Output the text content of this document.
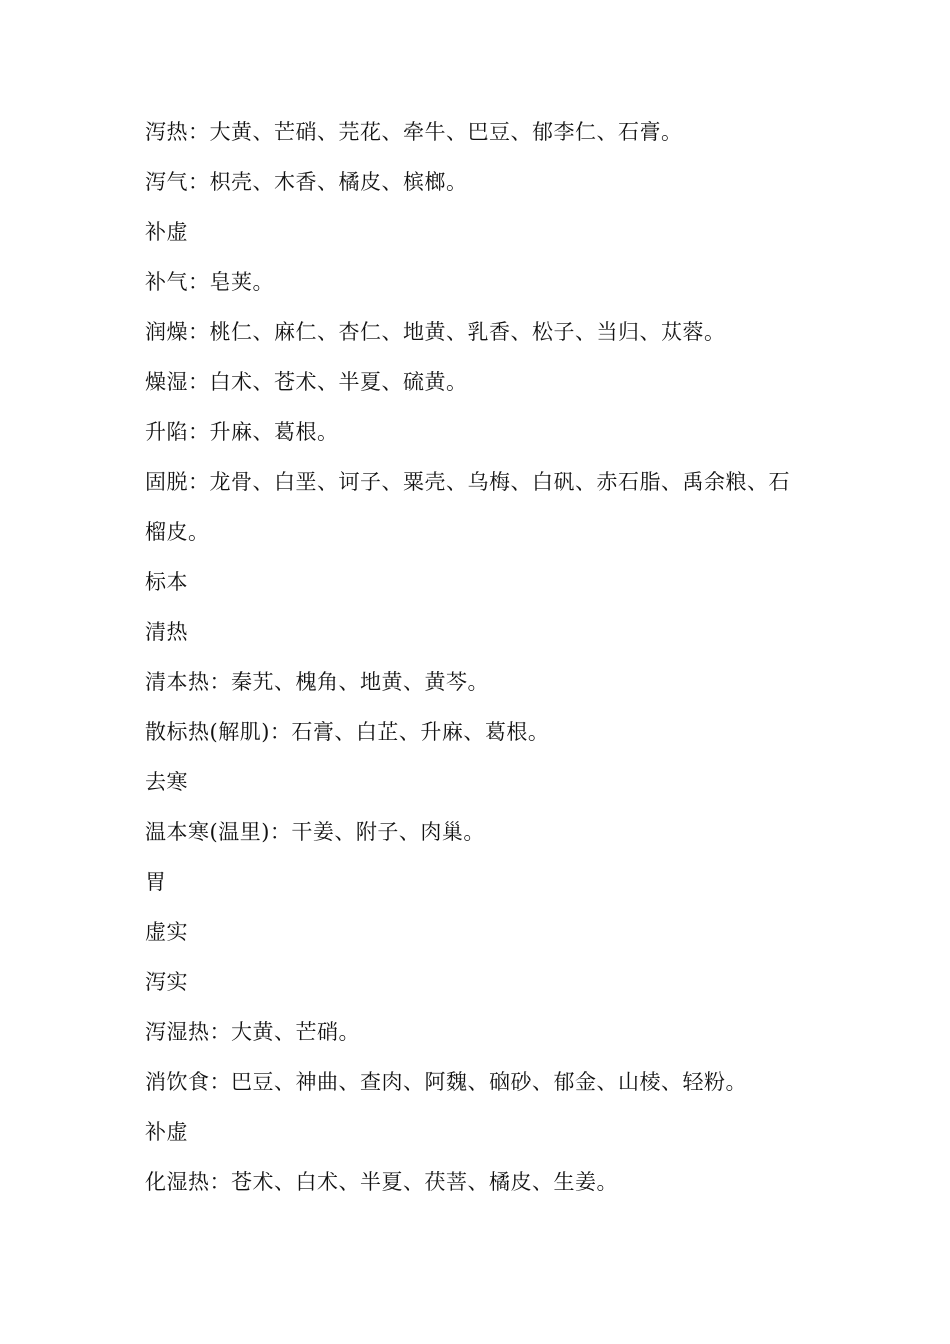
泻热：大黄、芒硝、芫花、牵牛、巴豆、郁李仁、石膏。
泻气：枳壳、木香、橘皮、槟榔。
补虚
补气：皂荚。
润燥：桃仁、麻仁、杏仁、地黄、乳香、松子、当归、苁蓉。
燥湿：白术、苍术、半夏、硫黄。
升陷：升麻、葛根。
固脱：龙骨、白垩、诃子、粟壳、乌梅、白矾、赤石脂、禹余粮、石
榴皮。
标本
清热
清本热：秦艽、槐角、地黄、黄芩。
散标热(解肌)：石膏、白芷、升麻、葛根。
去寒
温本寒(温里)：干姜、附子、肉巢。
胃
虚实
泻实
泻湿热：大黄、芒硝。
消饮食：巴豆、神曲、查肉、阿魏、硇砂、郁金、山棱、轻粉。
补虚
化湿热：苍术、白术、半夏、茯菩、橘皮、生姜。
